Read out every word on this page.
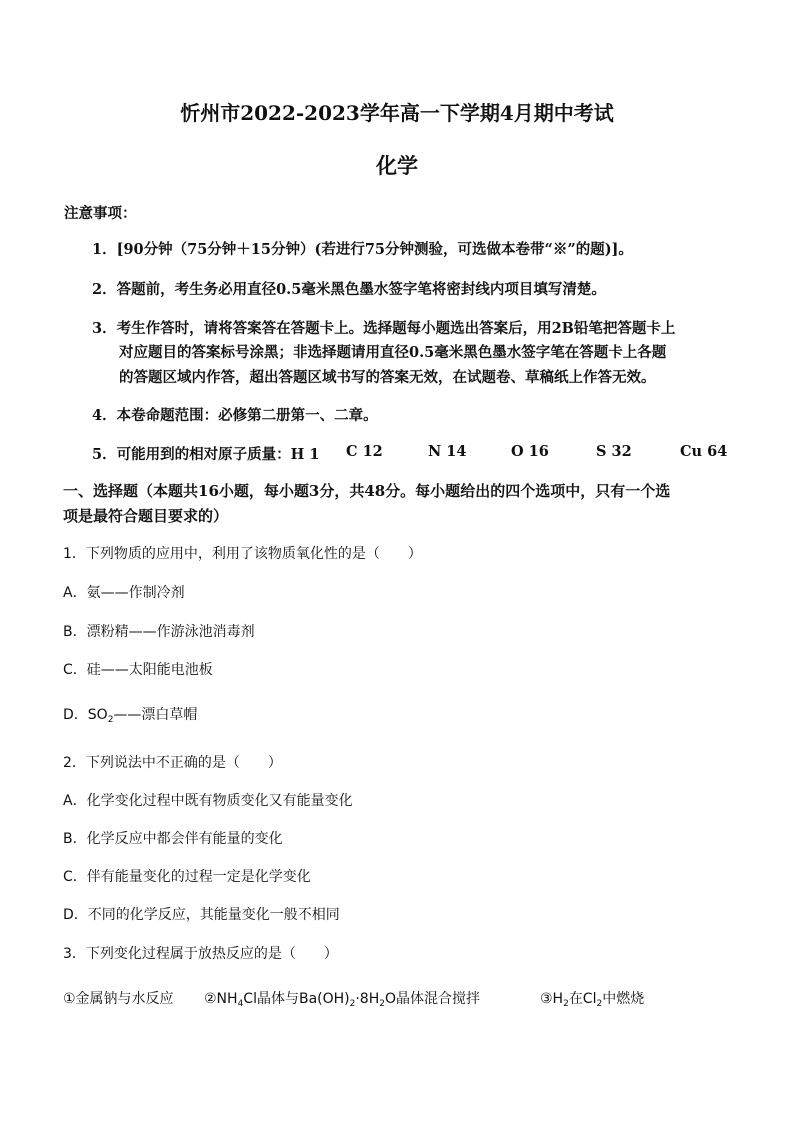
忻州市2022-2023学年高一下学期4月期中考试
化学
注意事项：
1．[90分钟（75分钟＋15分钟）(若进行75分钟测验，可选做本卷带“※”的题)]。
2．答题前，考生务必用直径0.5毫米黑色墨水签字笔将密封线内项目填写清楚。
3．考生作答时，请将答案答在答题卡上。选择题每小题选出答案后，用2B铅笔把答题卡上
对应题目的答案标号涂黑；非选择题请用直径0.5毫米黑色墨水签字笔在答题卡上各题
的答题区域内作答，超出答题区域书写的答案无效，在试题卷、草稿纸上作答无效。
4．本卷命题范围：必修第二册第一、二章。
5．可能用到的相对原子质量：H 1 C 12	N 14	O 16	S 32	Cu 64
一、选择题（本题共16小题，每小题3分，共48分。每小题给出的四个选项中，只有一个选
项是最符合题目要求的）
1．下列物质的应用中，利用了该物质氧化性的是（　　）
A．氨——作制冷剂
B．漂粉精——作游泳池消毒剂
C．硅——太阳能电池板
D．$SO_2——$漂白草帽
2．下列说法中不正确的是（　　）
A．化学变化过程中既有物质变化又有能量变化
B．化学反应中都会伴有能量的变化
C．伴有能量变化的过程一定是化学变化
D．不同的化学反应，其能量变化一般不相同
3．下列变化过程属于放热反应的是（　　）
①金属钠与水反应 $②NH_4Cl$晶体与$Ba(OH)_2\cdot 8H_2O$晶体混合搅拌	$③H_2$在$Cl_2$中燃烧
